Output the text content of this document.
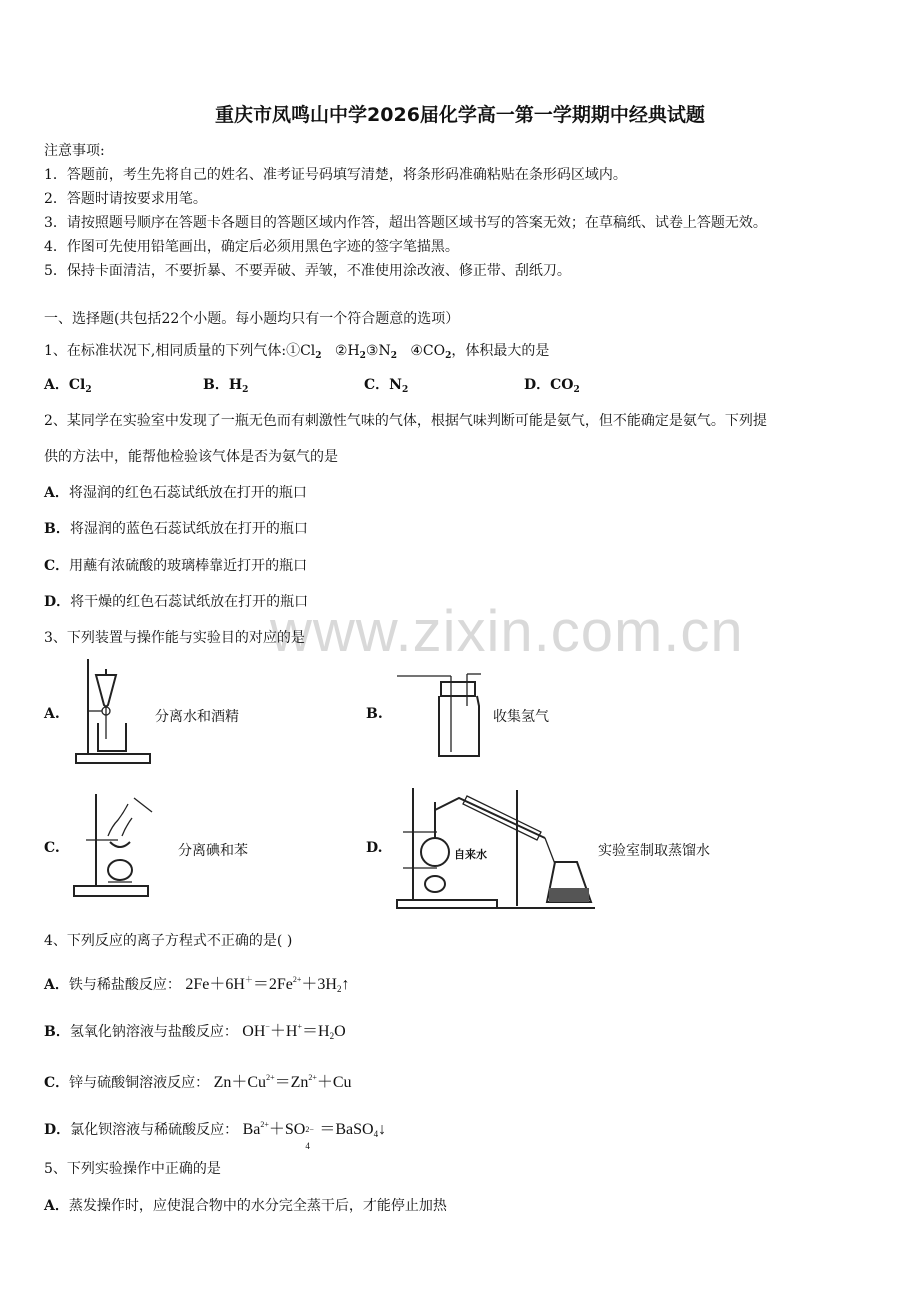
重庆市凤鸣山中学2026届化学高一第一学期期中经典试题
注意事项:
1．答题前，考生先将自己的姓名、准考证号码填写清楚，将条形码准确粘贴在条形码区域内。
2．答题时请按要求用笔。
3．请按照题号顺序在答题卡各题目的答题区域内作答，超出答题区域书写的答案无效；在草稿纸、试卷上答题无效。
4．作图可先使用铅笔画出，确定后必须用黑色字迹的签字笔描黑。
5．保持卡面清洁，不要折暴、不要弄破、弄皱，不准使用涂改液、修正带、刮纸刀。
一、选择题(共包括22个小题。每小题均只有一个符合题意的选项）
1、在标准状况下,相同质量的下列气体$:①Cl_2$ $②H_2③N_2$ $④CO_2$，体积最大的是
A．$Cl_2$	B．$H_2$	C．$N_2$	D．$CO_2$
2、某同学在实验室中发现了一瓶无色而有刺激性气味的气体，根据气味判断可能是氨气，但不能确定是氨气。下列提
供的方法中，能帮他检验该气体是否为氨气的是
A．将湿润的红色石蕊试纸放在打开的瓶口
B．将湿润的蓝色石蕊试纸放在打开的瓶口
C．用蘸有浓硫酸的玻璃棒靠近打开的瓶口
D．将干燥的红色石蕊试纸放在打开的瓶口
www.zixin.com.cn
3、下列装置与操作能与实验目的对应的是
A.	分离水和酒精	B.	收集氢气
C.	分离碘和苯	D.	自来水	实验室制取蒸馏水
4、下列反应的离子方程式不正确的是( )
A．铁与稀盐酸反应： $2Fe+6H^+=2Fe^{2+}+3H_2↑$
B．氢氧化钠溶液与盐酸反应： $OH^-+H^+=H_2O$
C．锌与硫酸铜溶液反应： $Zn+Cu^{2+}=Zn^{2+}+Cu$
D．氯化钡溶液与稀硫酸反应： $Ba^{2+}+SO$ 2−
4
＝BaSO$_4$↓
5、下列实验操作中正确的是
A．蒸发操作时，应使混合物中的水分完全蒸干后，才能停止加热
